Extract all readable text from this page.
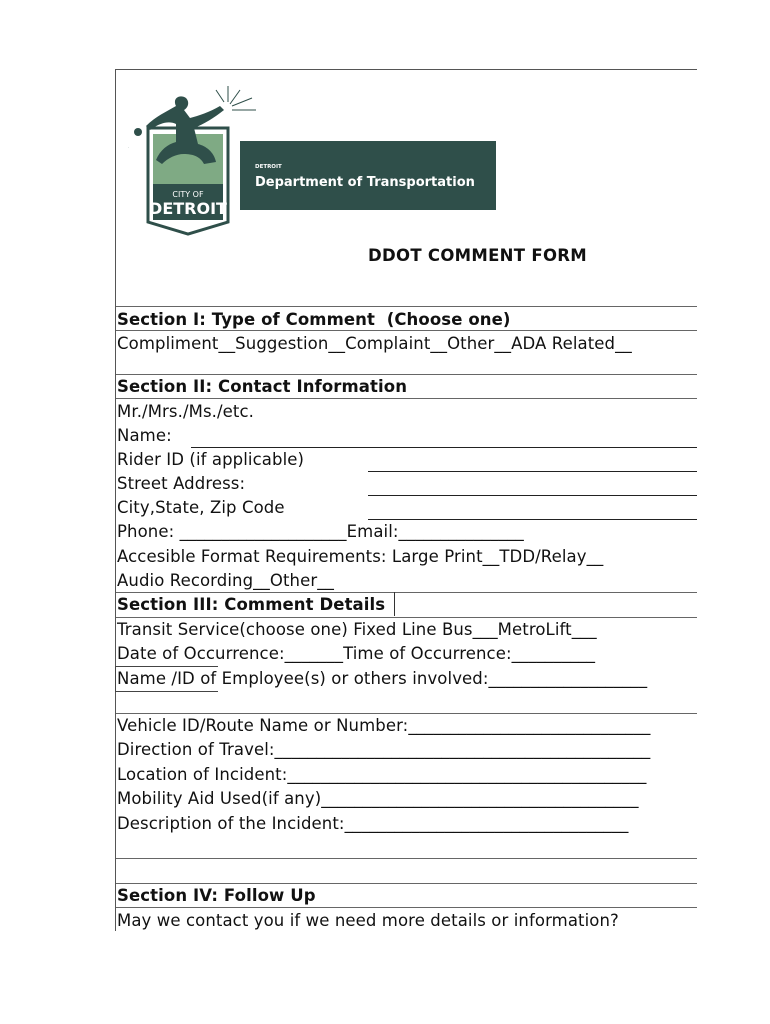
CITY OF
DETROIT
DETROIT
Department of Transportation
DDOT COMMENT FORM
Section I: Type of Comment  (Choose one)
Compliment__Suggestion__Complaint__Other__ADA Related__
Section II: Contact Information
Mr./Mrs./Ms./etc.
Name:
Rider ID (if applicable)
Street Address:
City,State, Zip Code
Phone: ____________________Email:_______________
Accesible Format Requirements: Large Print__TDD/Relay__
Audio Recording__Other__
Section III: Comment Details
Transit Service(choose one) Fixed Line Bus___MetroLift___
Date of Occurrence:_______Time of Occurrence:__________
Name /ID of Employee(s) or others involved:___________________
Vehicle ID/Route Name or Number:_____________________________
Direction of Travel:_____________________________________________
Location of Incident:___________________________________________
Mobility Aid Used(if any)______________________________________
Description of the Incident:__________________________________
Section IV: Follow Up
May we contact you if we need more details or information?
